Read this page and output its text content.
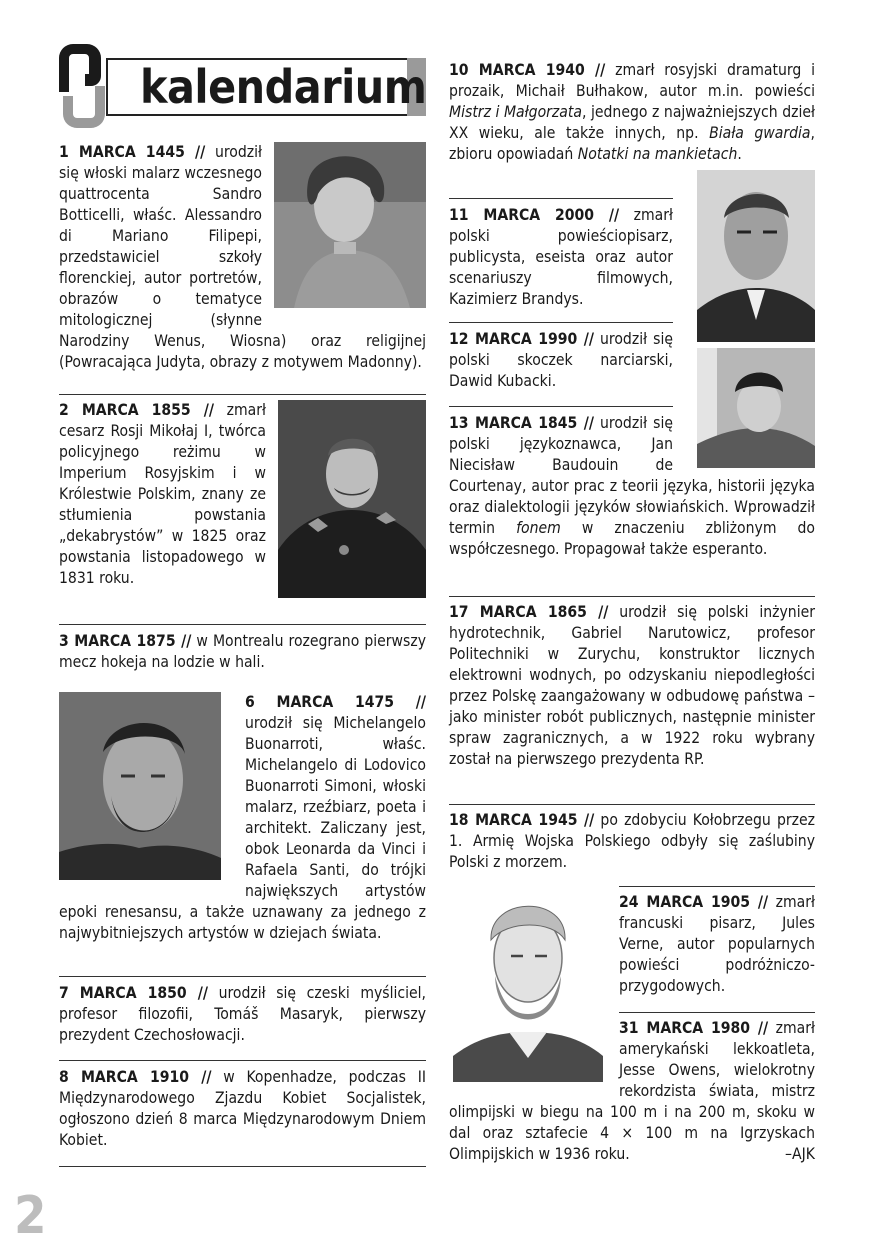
kalendarium

1 MARCA 1445 // urodził się włoski malarz wczesnego quattrocenta Sandro Botticelli, właśc. Alessandro di Mariano Filipepi, przedstawiciel szkoły florenckiej, autor portretów, obrazów o tematyce mitologicznej (słynne Narodziny Wenus, Wiosna) oraz religijnej (Powracająca Judyta, obrazy z motywem Madonny).

2 MARCA 1855 // zmarł cesarz Rosji Mikołaj I, twórca policyjnego reżimu w Imperium Rosyjskim i w Królestwie Polskim, znany ze stłumienia powstania „dekabrystów” w 1825 oraz powstania listopadowego w 1831 roku.

3 MARCA 1875 // w Montrealu rozegrano pierwszy mecz hokeja na lodzie w hali.

6 MARCA 1475 // urodził się Michelangelo Buonarroti, właśc. Michelangelo di Lodovico Buonarroti Simoni, włoski malarz, rzeźbiarz, poeta i architekt. Zaliczany jest, obok Leonarda da Vinci i Rafaela Santi, do trójki największych artystów epoki renesansu, a także uznawany za jednego z najwybitniejszych artystów w dziejach świata.

7 MARCA 1850 // urodził się czeski myśliciel, profesor filozofii, Tomáš Masaryk, pierwszy prezydent Czechosłowacji.

8 MARCA 1910 // w Kopenhadze, podczas II Międzynarodowego Zjazdu Kobiet Socjalistek, ogłoszono dzień 8 marca Międzynarodowym Dniem Kobiet.

10 MARCA 1940 // zmarł rosyjski dramaturg i prozaik, Michaił Bułhakow, autor m.in. powieści Mistrz i Małgorzata, jednego z najważniejszych dzieł XX wieku, ale także innych, np. Biała gwardia, zbioru opowiadań Notatki na mankietach.

11 MARCA 2000 // zmarł polski powieściopisarz, publicysta, eseista oraz autor scenariuszy filmowych, Kazimierz Brandys.

12 MARCA 1990 // urodził się polski skoczek narciarski, Dawid Kubacki.

13 MARCA 1845 // urodził się polski językoznawca, Jan Niecisław Baudouin de Courtenay, autor prac z teorii języka, historii języka oraz dialektologii języków słowiańskich. Wprowadził termin fonem w znaczeniu zbliżonym do współczesnego. Propagował także esperanto.

17 MARCA 1865 // urodził się polski inżynier hydrotechnik, Gabriel Narutowicz, profesor Politechniki w Zurychu, konstruktor licznych elektrowni wodnych, po odzyskaniu niepodległości przez Polskę zaangażowany w odbudowę państwa – jako minister robót publicznych, następnie minister spraw zagranicznych, a w 1922 roku wybrany został na pierwszego prezydenta RP.

18 MARCA 1945 // po zdobyciu Kołobrzegu przez 1. Armię Wojska Polskiego odbyły się zaślubiny Polski z morzem.

24 MARCA 1905 // zmarł francuski pisarz, Jules Verne, autor popularnych powieści podróżniczo-przygodowych.

31 MARCA 1980 // zmarł amerykański lekkoatleta, Jesse Owens, wielokrotny rekordzista świata, mistrz olimpijski w biegu na 100 m i na 200 m, skoku w dal oraz sztafecie 4 × 100 m na Igrzyskach Olimpijskich w 1936 roku.	–AJK

2
